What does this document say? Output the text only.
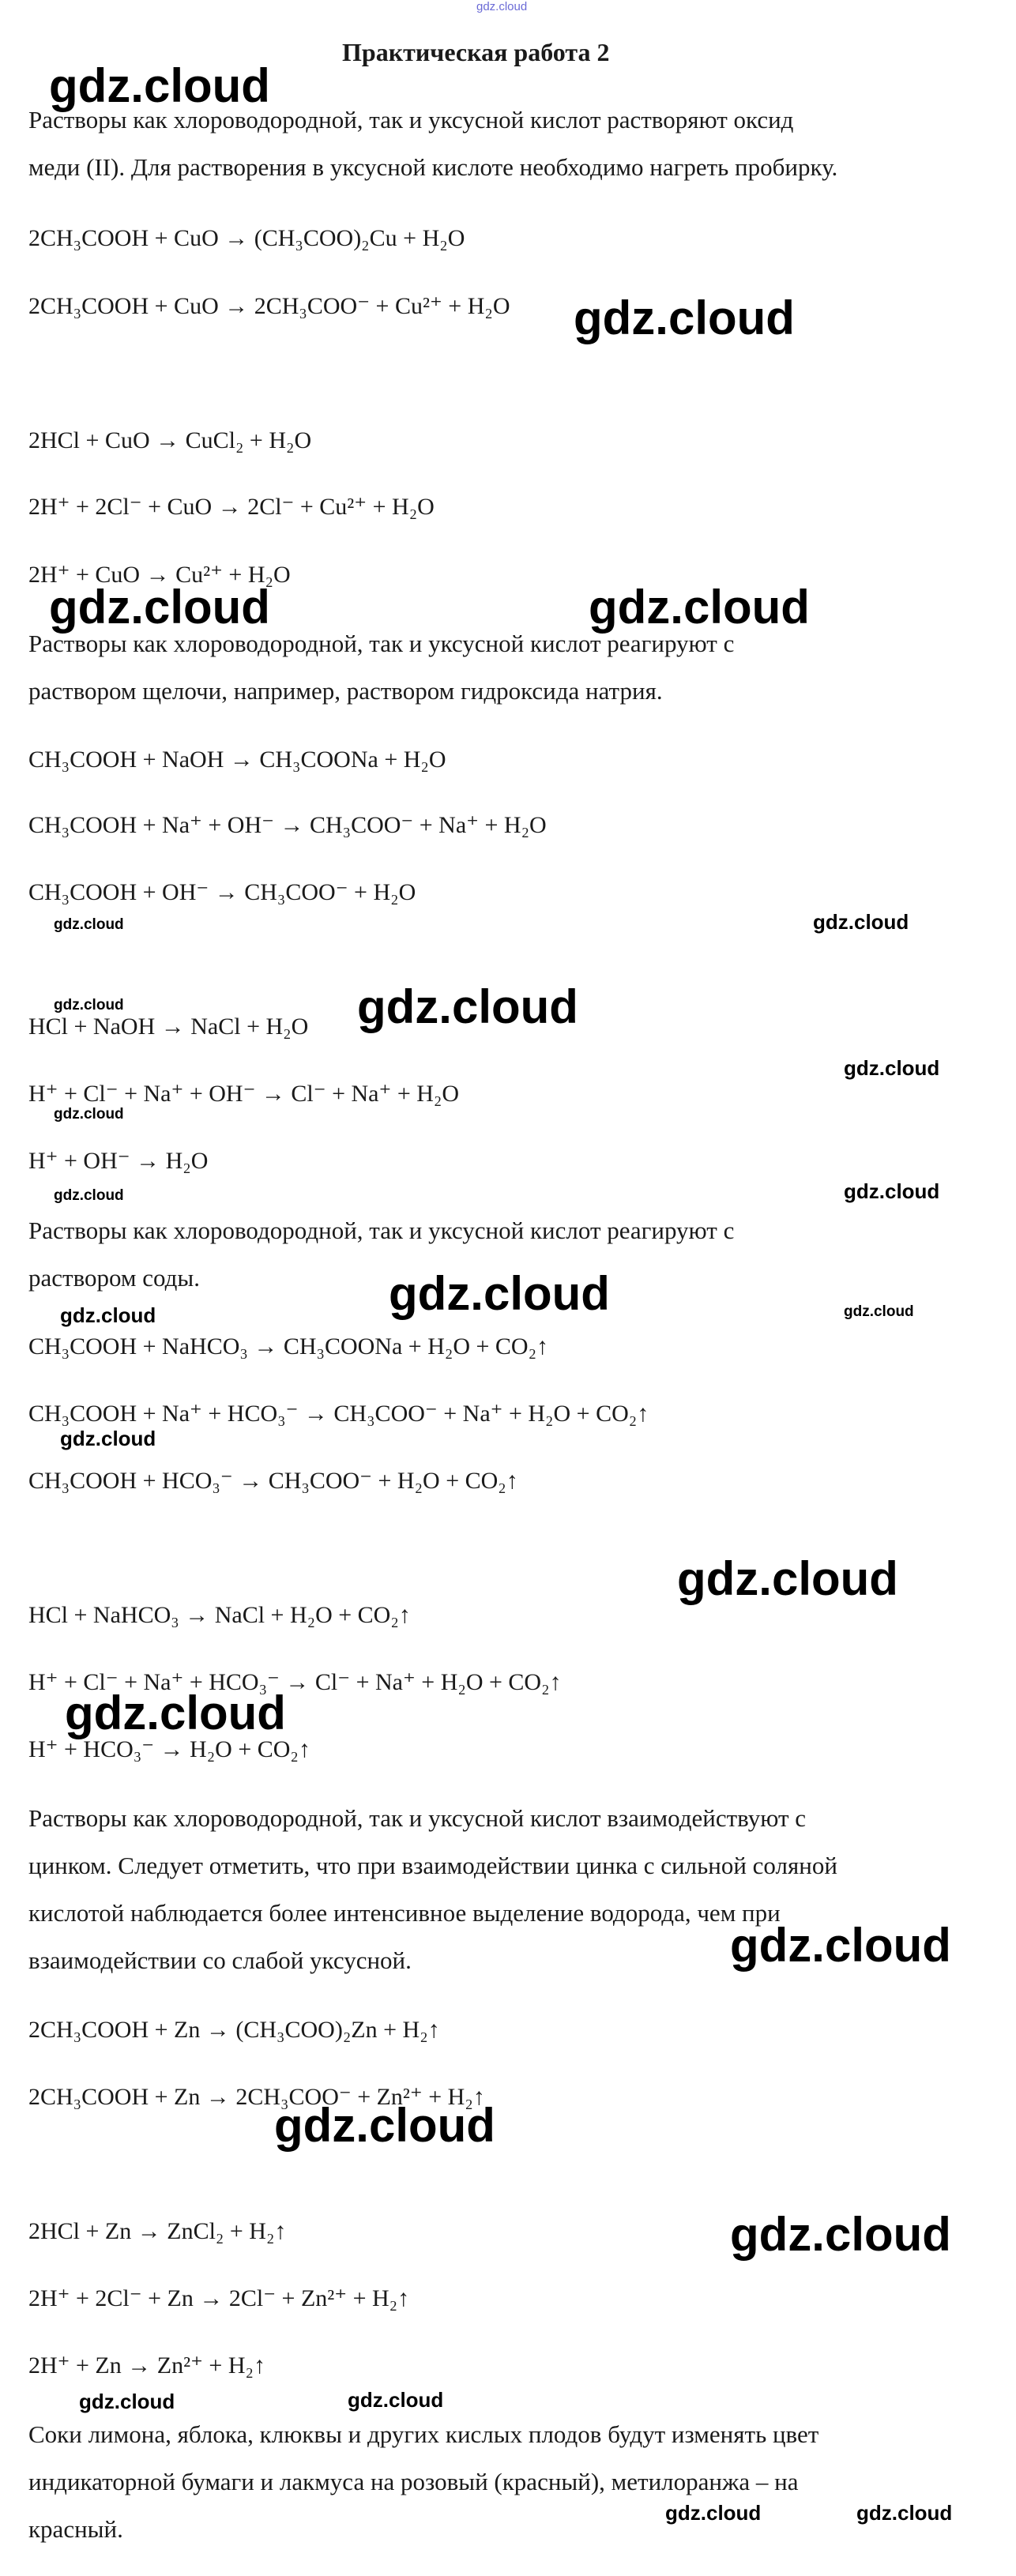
gdz.cloud
Практическая работа 2
Растворы как хлороводородной, так и уксусной кислот растворяют оксид
меди (II). Для растворения в уксусной кислоте необходимо нагреть пробирку.
2CH₃COOH + CuO → (CH₃COO)₂Cu + H₂O
2CH₃COOH + CuO → 2CH₃COO⁻ + Cu²⁺ + H₂O
2HCl + CuO → CuCl₂ + H₂O
2H⁺ + 2Cl⁻ + CuO → 2Cl⁻ + Cu²⁺ + H₂O
2H⁺ + CuO → Cu²⁺ + H₂O
Растворы как хлороводородной, так и уксусной кислот реагируют с
раствором щелочи, например, раствором гидроксида натрия.
CH₃COOH + NaOH → CH₃COONa + H₂O
CH₃COOH + Na⁺ + OH⁻ → CH₃COO⁻ + Na⁺ + H₂O
CH₃COOH + OH⁻ → CH₃COO⁻ + H₂O
HCl + NaOH → NaCl + H₂O
H⁺ + Cl⁻ + Na⁺ + OH⁻ → Cl⁻ + Na⁺ + H₂O
H⁺ + OH⁻ → H₂O
Растворы как хлороводородной, так и уксусной кислот реагируют с
раствором соды.
CH₃COOH + NaHCO₃ → CH₃COONa + H₂O + CO₂↑
CH₃COOH + Na⁺ + HCO₃⁻ → CH₃COO⁻ + Na⁺ + H₂O + CO₂↑
CH₃COOH + HCO₃⁻ → CH₃COO⁻ + H₂O + CO₂↑
HCl + NaHCO₃ → NaCl + H₂O + CO₂↑
H⁺ + Cl⁻ + Na⁺ + HCO₃⁻ → Cl⁻ + Na⁺ + H₂O + CO₂↑
H⁺ + HCO₃⁻ → H₂O + CO₂↑
Растворы как хлороводородной, так и уксусной кислот взаимодействуют с
цинком. Следует отметить, что при взаимодействии цинка с сильной соляной
кислотой наблюдается более интенсивное выделение водорода, чем при
взаимодействии со слабой уксусной.
2CH₃COOH + Zn → (CH₃COO)₂Zn + H₂↑
2CH₃COOH + Zn → 2CH₃COO⁻ + Zn²⁺ + H₂↑
2HCl + Zn → ZnCl₂ + H₂↑
2H⁺ + 2Cl⁻ + Zn → 2Cl⁻ + Zn²⁺ + H₂↑
2H⁺ + Zn → Zn²⁺ + H₂↑
Соки лимона, яблока, клюквы и других кислых плодов будут изменять цвет
индикаторной бумаги и лакмуса на розовый (красный), метилоранжа – на
красный.
gdz.cloud
gdz.cloud
gdz.cloud	gdz.cloud
gdz.cloud	gdz.cloud
gdz.cloud	gdz.cloud
gdz.cloud
gdz.cloud
gdz.cloud	gdz.cloud
gdz.cloud
gdz.cloud	gdz.cloud
gdz.cloud
gdz.cloud
gdz.cloud
gdz.cloud
gdz.cloud
gdz.cloud
gdz.cloud	gdz.cloud
gdz.cloud	gdz.cloud
